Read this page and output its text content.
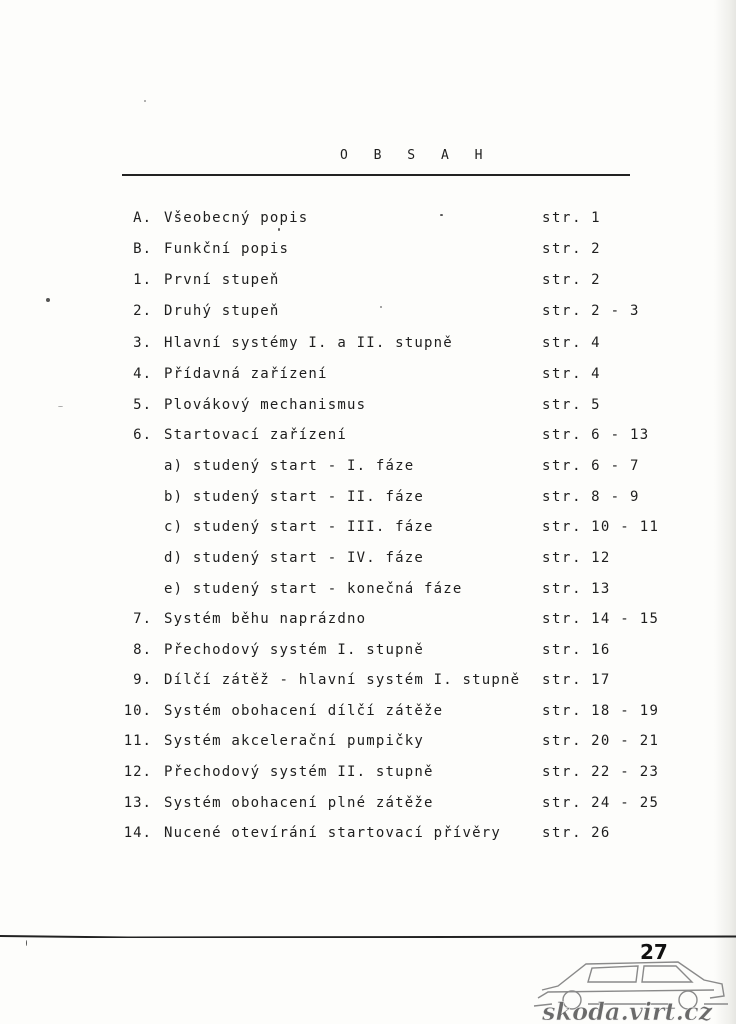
O B S A H
A. Všeobecný popis	str. 1
B. Funkční popis	str. 2
1. První stupeň	str. 2
2. Druhý stupeň	str. 2 - 3
3. Hlavní systémy I. a II. stupně	str. 4
4. Přídavná zařízení	str. 4
5. Plovákový mechanismus	str. 5
6. Startovací zařízení	str. 6 - 13
a) studený start - I. fáze	str. 6 - 7
b) studený start - II. fáze	str. 8 - 9
c) studený start - III. fáze	str. 10 - 11
d) studený start - IV. fáze	str. 12
e) studený start - konečná fáze	str. 13
7. Systém běhu naprázdno	str. 14 - 15
8. Přechodový systém I. stupně	str. 16
9. Dílčí zátěž - hlavní systém I. stupně str. 17
10. Systém obohacení dílčí zátěže	str. 18 - 19
11. Systém akcelerační pumpičky	str. 20 - 21
12. Přechodový systém II. stupně	str. 22 - 23
13. Systém obohacení plné zátěže	str. 24 - 25
14. Nucené otevírání startovací přívěry	str. 26
27
skoda.virt.cz
